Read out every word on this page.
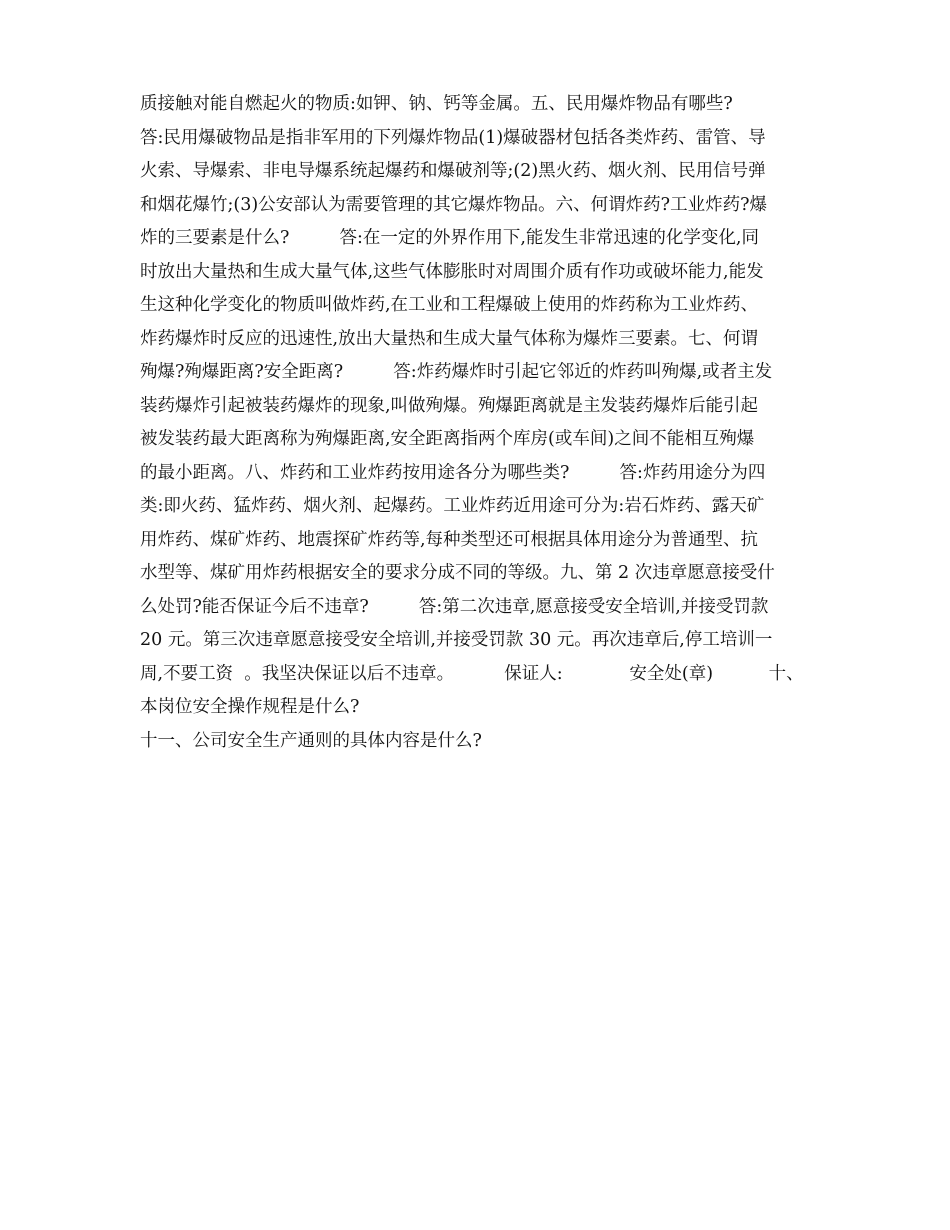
质接触对能自燃起火的物质:如钾、钠、钙等金属。五、民用爆炸物品有哪些?
答:民用爆破物品是指非军用的下列爆炸物品(1)爆破器材包括各类炸药、雷管、导
火索、导爆索、非电导爆系统起爆药和爆破剂等;(2)黑火药、烟火剂、民用信号弹
和烟花爆竹;(3)公安部认为需要管理的其它爆炸物品。六、何谓炸药?工业炸药?爆
炸的三要素是什么?         答:在一定的外界作用下,能发生非常迅速的化学变化,同
时放出大量热和生成大量气体,这些气体膨胀时对周围介质有作功或破坏能力,能发
生这种化学变化的物质叫做炸药,在工业和工程爆破上使用的炸药称为工业炸药、
炸药爆炸时反应的迅速性,放出大量热和生成大量气体称为爆炸三要素。七、何谓
殉爆?殉爆距离?安全距离?         答:炸药爆炸时引起它邻近的炸药叫殉爆,或者主发
装药爆炸引起被装药爆炸的现象,叫做殉爆。殉爆距离就是主发装药爆炸后能引起
被发装药最大距离称为殉爆距离,安全距离指两个库房(或车间)之间不能相互殉爆
的最小距离。八、炸药和工业炸药按用途各分为哪些类?         答:炸药用途分为四
类:即火药、猛炸药、烟火剂、起爆药。工业炸药近用途可分为:岩石炸药、露天矿
用炸药、煤矿炸药、地震探矿炸药等,每种类型还可根据具体用途分为普通型、抗
水型等、煤矿用炸药根据安全的要求分成不同的等级。九、第 2 次违章愿意接受什
么处罚?能否保证今后不违章?         答:第二次违章,愿意接受安全培训,并接受罚款
20 元。第三次违章愿意接受安全培训,并接受罚款 30 元。再次违章后,停工培训一
周,不要工资  。我坚决保证以后不违章。         保证人:            安全处(章)          十、
本岗位安全操作规程是什么?
十一、公司安全生产通则的具体内容是什么?
